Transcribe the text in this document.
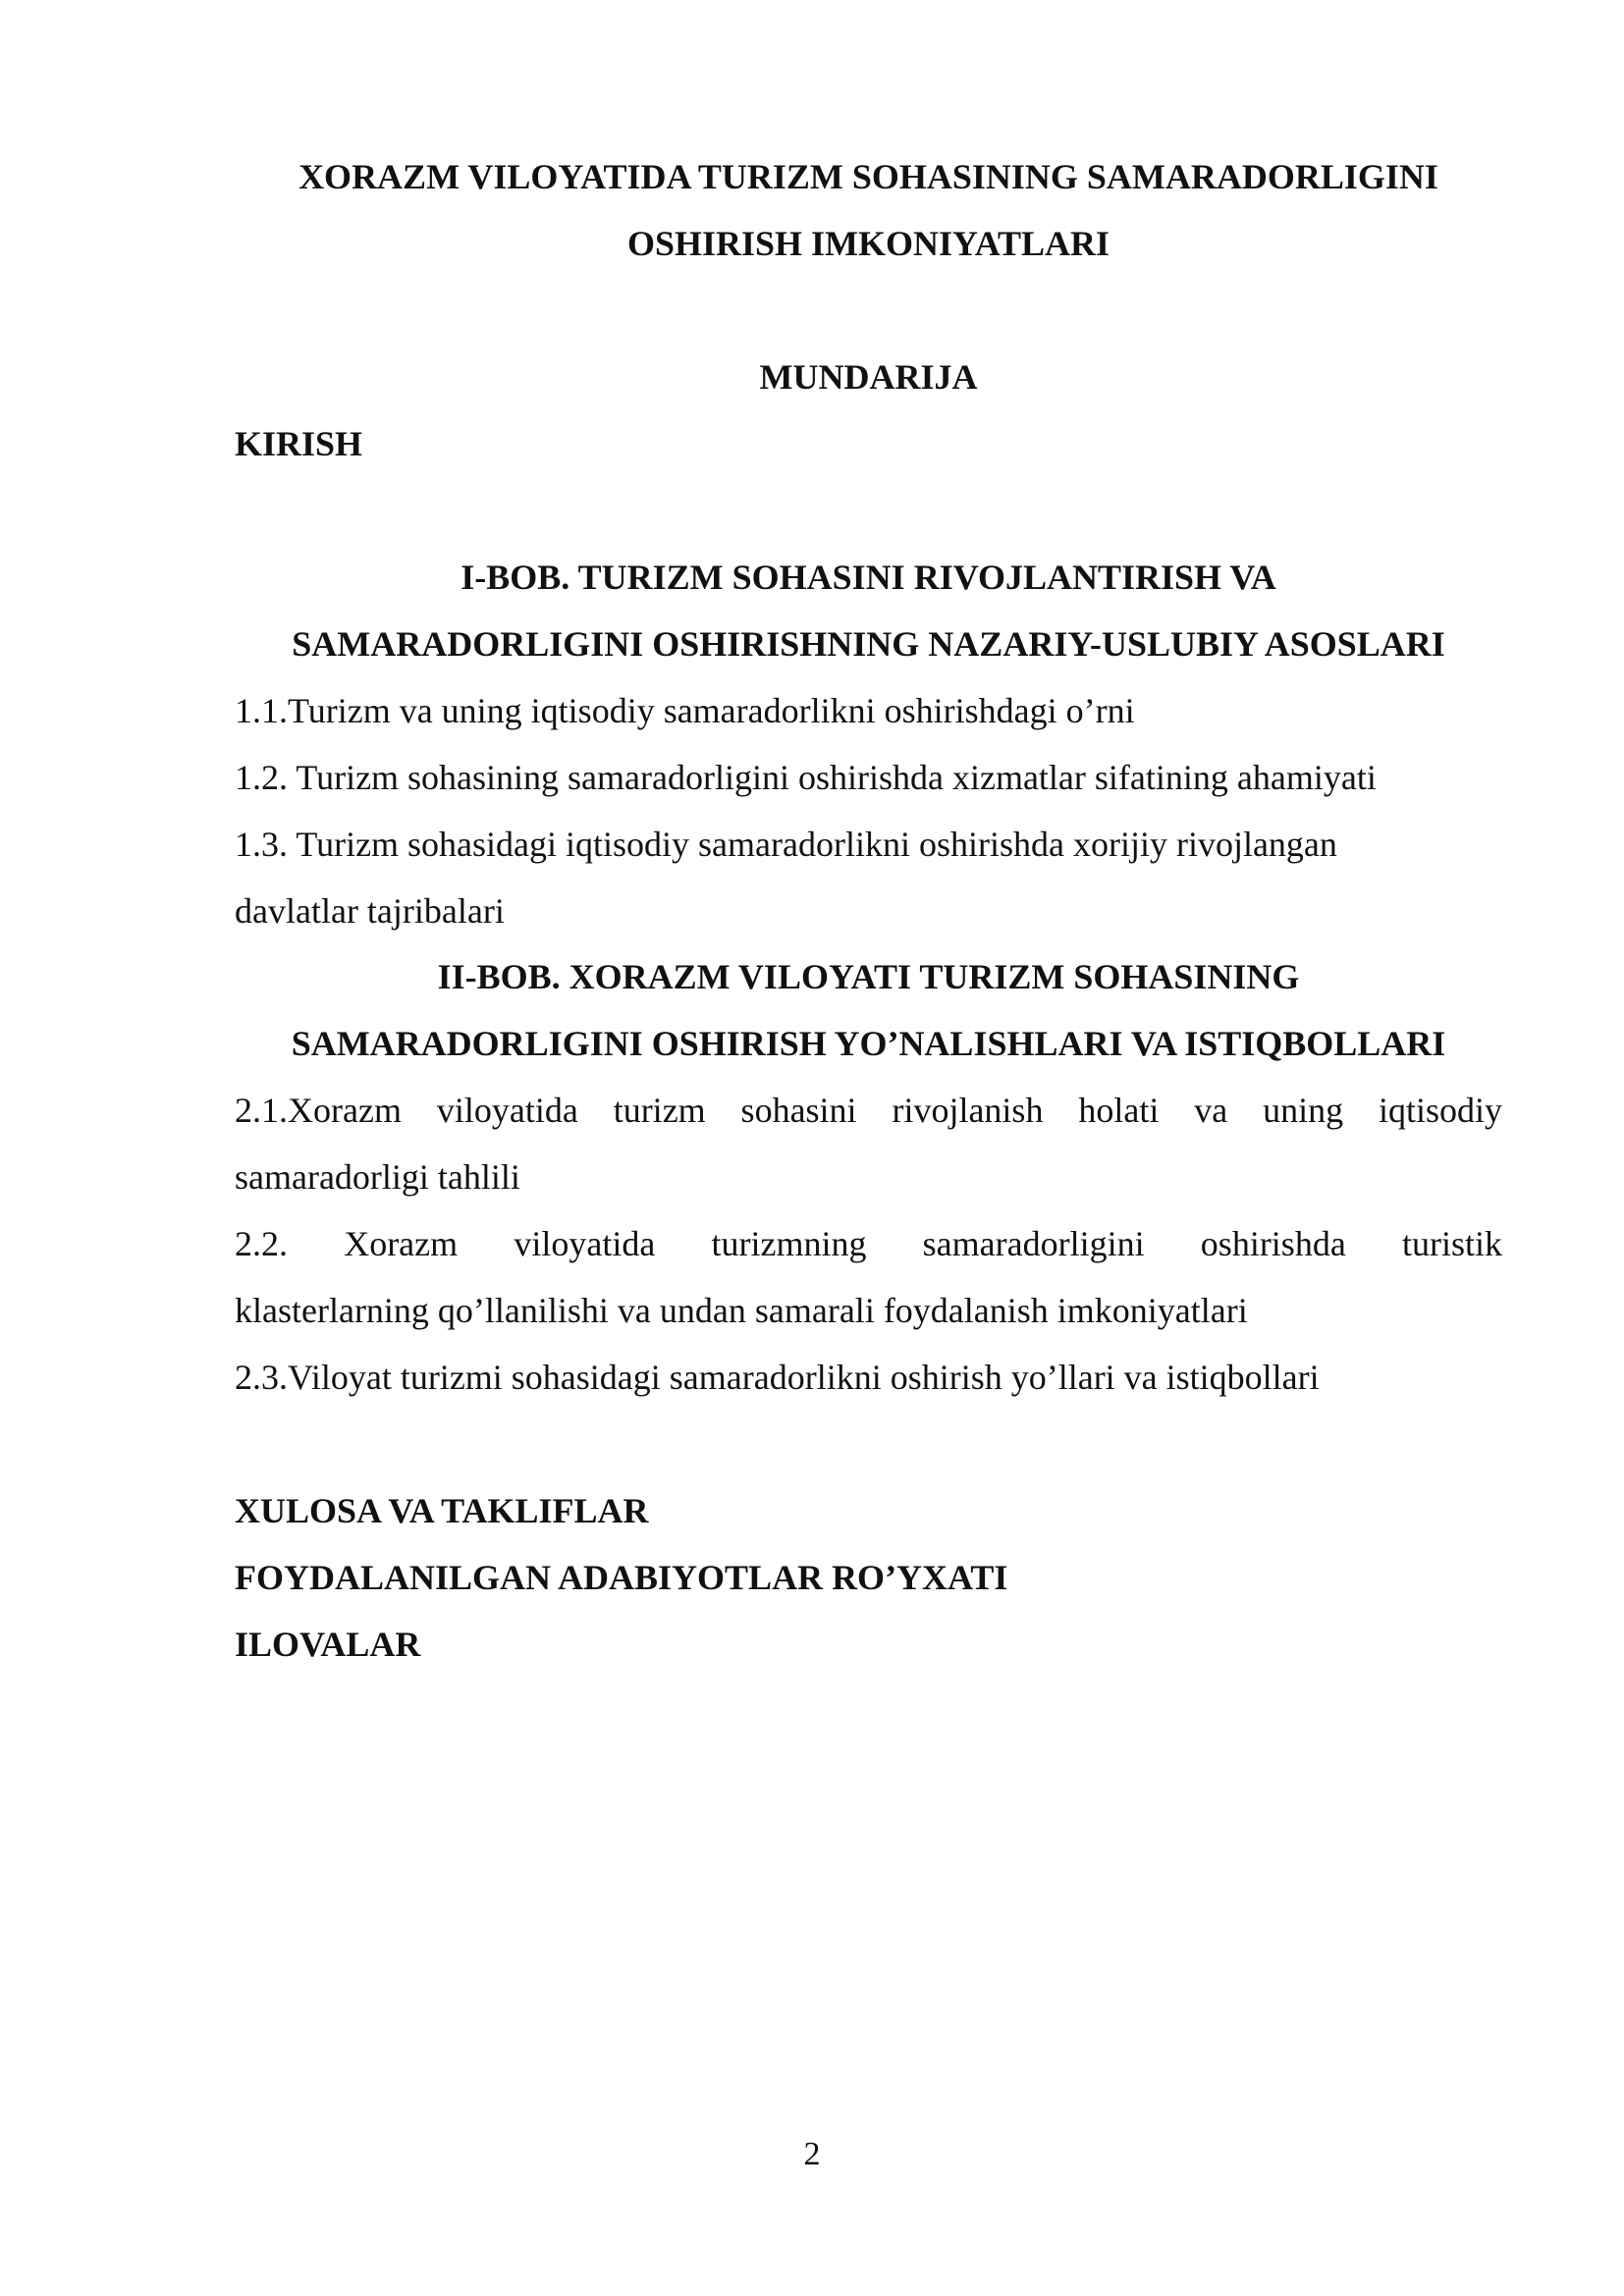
XORAZM VILOYATIDA TURIZM SOHASINING SAMARADORLIGINI
OSHIRISH IMKONIYATLARI
MUNDARIJA
KIRISH
I-BOB. TURIZM SOHASINI RIVOJLANTIRISH VA
SAMARADORLIGINI OSHIRISHNING NAZARIY-USLUBIY ASOSLARI
1.1.Turizm va uning iqtisodiy samaradorlikni oshirishdagi o’rni
1.2. Turizm sohasining samaradorligini oshirishda xizmatlar sifatining ahamiyati
1.3. Turizm sohasidagi iqtisodiy samaradorlikni oshirishda xorijiy rivojlangan
davlatlar tajribalari
II-BOB. XORAZM VILOYATI TURIZM SOHASINING
SAMARADORLIGINI OSHIRISH YO’NALISHLARI VA ISTIQBOLLARI
2.1.Xorazm viloyatida turizm sohasini rivojlanish holati va uning iqtisodiy
samaradorligi tahlili
2.2. Xorazm viloyatida turizmning samaradorligini oshirishda turistik
klasterlarning qo’llanilishi va undan samarali foydalanish imkoniyatlari
2.3.Viloyat turizmi sohasidagi samaradorlikni oshirish yo’llari va istiqbollari
XULOSA VA TAKLIFLAR
FOYDALANILGAN ADABIYOTLAR RO’YXATI
ILOVALAR
2
